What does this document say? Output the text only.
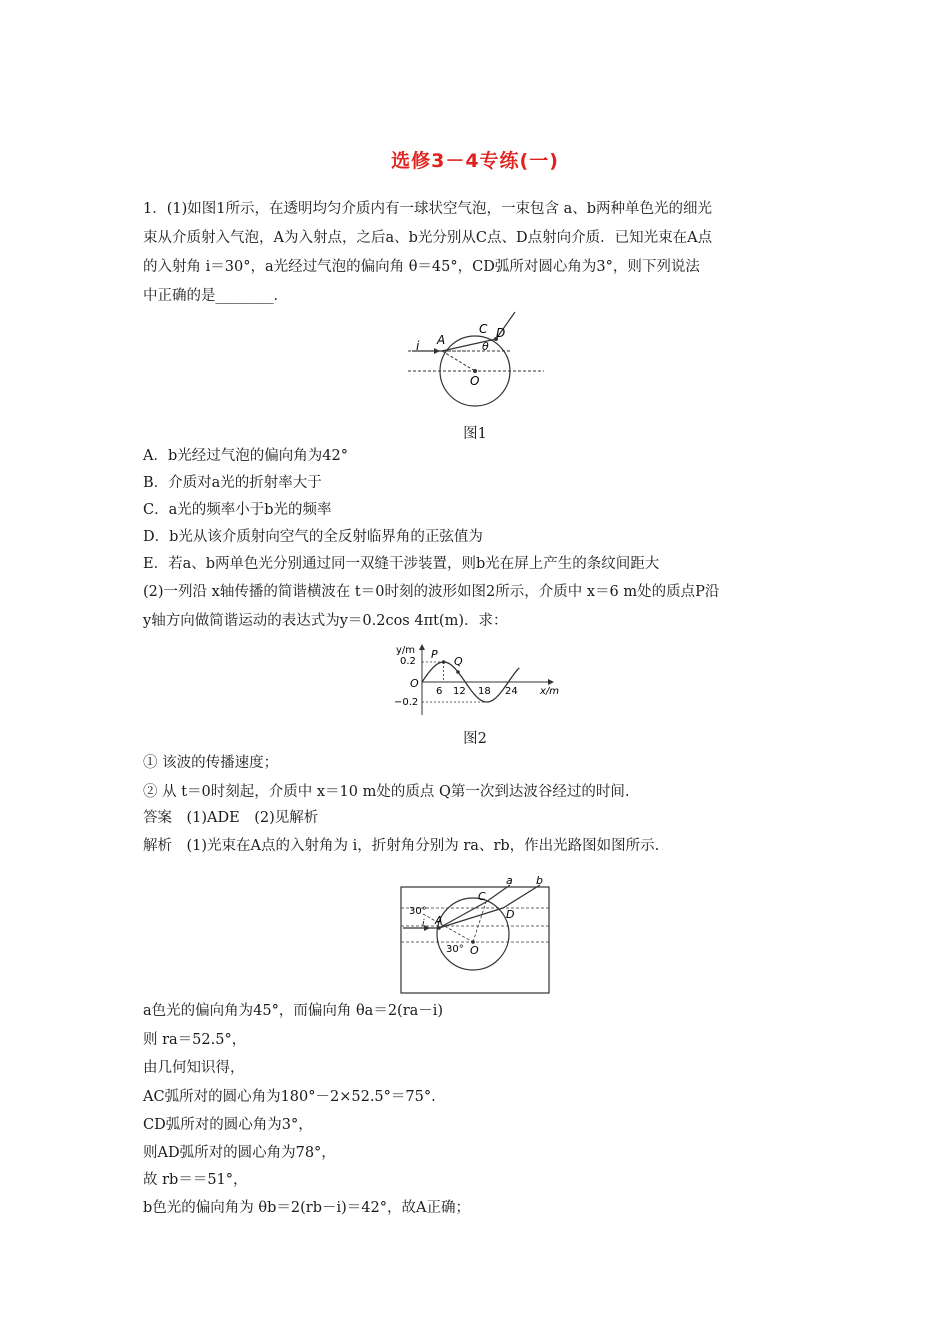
选修3－4专练(一)
1．(1)如图1所示，在透明均匀介质内有一球状空气泡，一束包含 a、b两种单色光的细光
束从介质射入气泡，A为入射点，之后a、b光分别从C点、D点射向介质．已知光束在A点
的入射角 i＝30°，a光经过气泡的偏向角 θ＝45°，CD弧所对圆心角为3°，则下列说法
中正确的是________．
i A
C D
θ
O
图1
A．b光经过气泡的偏向角为42°
B．介质对a光的折射率大于
C．a光的频率小于b光的频率
D．b光从该介质射向空气的全反射临界角的正弦值为
E．若a、b两单色光分别通过同一双缝干涉装置，则b光在屏上产生的条纹间距大
(2)一列沿 x轴传播的简谐横波在 t＝0时刻的波形如图2所示，介质中 x＝6 m处的质点P沿
y轴方向做简谐运动的表达式为y＝0.2cos 4πt(m)．求：
y/m
x/m
0.2
−0.2
O
P
Q
6 12 18 24
图2
① 该波的传播速度；
② 从 t＝0时刻起，介质中 x＝10 m处的质点 Q第一次到达波谷经过的时间.
答案　(1)ADE　(2)见解析
解析　(1)光束在A点的入射角为 i，折射角分别为 ra、rb，作出光路图如图所示.
a b
C
D
A
O
i
30°
30°
a色光的偏向角为45°，而偏向角 θa＝2(ra－i)
则 ra＝52.5°，
由几何知识得，
AC弧所对的圆心角为180°－2×52.5°＝75°.
CD弧所对的圆心角为3°，
则AD弧所对的圆心角为78°，
故 rb＝＝51°，
b色光的偏向角为 θb＝2(rb－i)＝42°，故A正确；
